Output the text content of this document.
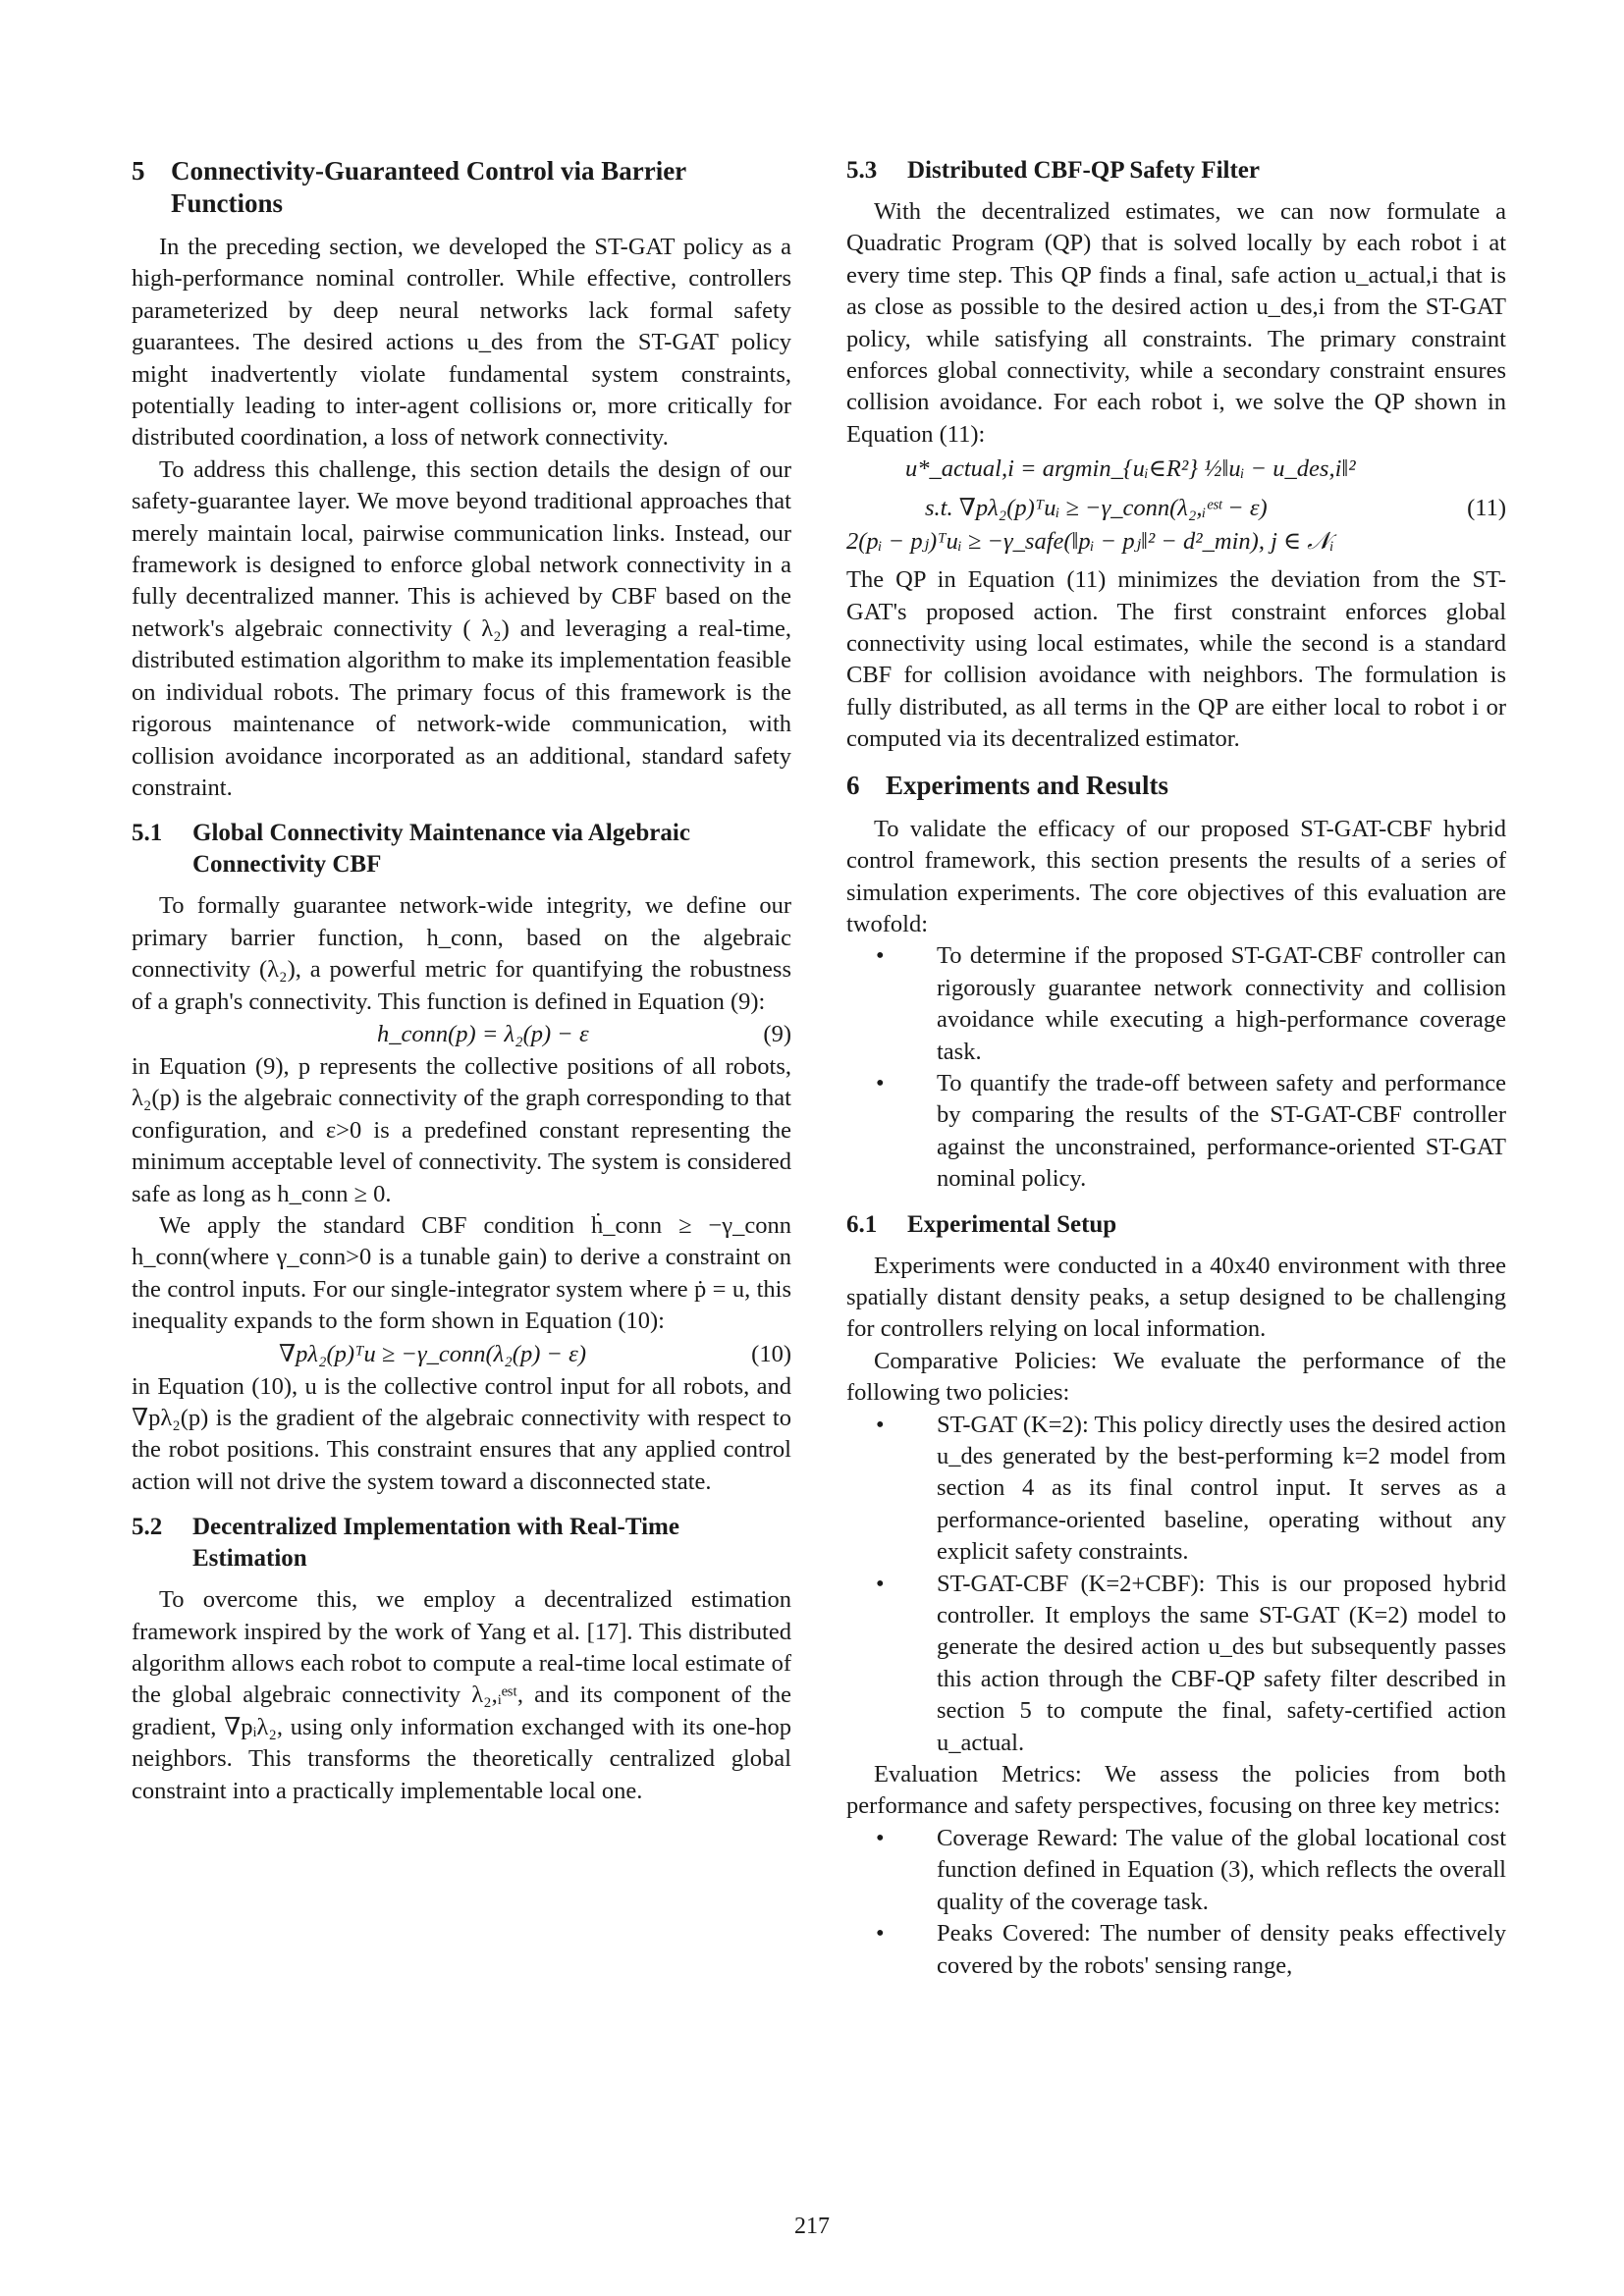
5 Connectivity-Guaranteed Control via Barrier Functions

In the preceding section, we developed the ST-GAT policy as a high-performance nominal controller. While effective, controllers parameterized by deep neural networks lack formal safety guarantees. The desired actions u_des from the ST-GAT policy might inadvertently violate fundamental system constraints, potentially leading to inter-agent collisions or, more critically for distributed coordination, a loss of network connectivity.

To address this challenge, this section details the design of our safety-guarantee layer. We move beyond traditional approaches that merely maintain local, pairwise communication links. Instead, our framework is designed to enforce global network connectivity in a fully decentralized manner. This is achieved by CBF based on the network's algebraic connectivity ( λ₂) and leveraging a real-time, distributed estimation algorithm to make its implementation feasible on individual robots. The primary focus of this framework is the rigorous maintenance of network-wide communication, with collision avoidance incorporated as an additional, standard safety constraint.

5.1	Global Connectivity Maintenance via Algebraic Connectivity CBF

To formally guarantee network-wide integrity, we define our primary barrier function, h_conn, based on the algebraic connectivity (λ₂), a powerful metric for quantifying the robustness of a graph's connectivity. This function is defined in Equation (9):

h_conn(p) = λ₂(p) − ε	(9)

in Equation (9), p represents the collective positions of all robots, λ₂(p) is the algebraic connectivity of the graph corresponding to that configuration, and ε>0 is a predefined constant representing the minimum acceptable level of connectivity. The system is considered safe as long as h_conn ≥ 0.

We apply the standard CBF condition ḣ_conn ≥ −γ_conn h_conn(where γ_conn>0 is a tunable gain) to derive a constraint on the control inputs. For our single-integrator system where ṗ = u, this inequality expands to the form shown in Equation (10):

∇pλ₂(p)ᵀu ≥ −γ_conn(λ₂(p) − ε)	(10)

in Equation (10), u is the collective control input for all robots, and ∇pλ₂(p) is the gradient of the algebraic connectivity with respect to the robot positions. This constraint ensures that any applied control action will not drive the system toward a disconnected state.

5.2	Decentralized Implementation with Real-Time Estimation

To overcome this, we employ a decentralized estimation framework inspired by the work of Yang et al. [17]. This distributed algorithm allows each robot to compute a real-time local estimate of the global algebraic connectivity λ₂,ᵢᵉˢᵗ, and its component of the gradient, ∇pᵢλ₂, using only information exchanged with its one-hop neighbors. This transforms the theoretically centralized global constraint into a practically implementable local one.

5.3	Distributed CBF-QP Safety Filter

With the decentralized estimates, we can now formulate a Quadratic Program (QP) that is solved locally by each robot i at every time step. This QP finds a final, safe action u_actual,i that is as close as possible to the desired action u_des,i from the ST-GAT policy, while satisfying all constraints. The primary constraint enforces global connectivity, while a secondary constraint ensures collision avoidance. For each robot i, we solve the QP shown in Equation (11):

u*_actual,i = argmin_{uᵢ∈R²} ½‖uᵢ − u_des,i‖²
s.t. ∇pλ₂(p)ᵀuᵢ ≥ −γ_conn(λ₂,ᵢᵉˢᵗ − ε)	(11)
2(pᵢ − pⱼ)ᵀuᵢ ≥ −γ_safe(‖pᵢ − pⱼ‖² − d²_min), j ∈ 𝒩ᵢ

The QP in Equation (11) minimizes the deviation from the ST-GAT's proposed action. The first constraint enforces global connectivity using local estimates, while the second is a standard CBF for collision avoidance with neighbors. The formulation is fully distributed, as all terms in the QP are either local to robot i or computed via its decentralized estimator.

6 Experiments and Results

To validate the efficacy of our proposed ST-GAT-CBF hybrid control framework, this section presents the results of a series of simulation experiments. The core objectives of this evaluation are twofold:

•	To determine if the proposed ST-GAT-CBF controller can rigorously guarantee network connectivity and collision avoidance while executing a high-performance coverage task.
•	To quantify the trade-off between safety and performance by comparing the results of the ST-GAT-CBF controller against the unconstrained, performance-oriented ST-GAT nominal policy.
6.1	Experimental Setup

Experiments were conducted in a 40x40 environment with three spatially distant density peaks, a setup designed to be challenging for controllers relying on local information.

Comparative Policies: We evaluate the performance of the following two policies:

•	ST-GAT (K=2): This policy directly uses the desired action u_des generated by the best-performing k=2 model from section 4 as its final control input. It serves as a performance-oriented baseline, operating without any explicit safety constraints.
•	ST-GAT-CBF (K=2+CBF): This is our proposed hybrid controller. It employs the same ST-GAT (K=2) model to generate the desired action u_des but subsequently passes this action through the CBF-QP safety filter described in section 5 to compute the final, safety-certified action u_actual.

Evaluation Metrics: We assess the policies from both performance and safety perspectives, focusing on three key metrics:

•	Coverage Reward: The value of the global locational cost function defined in Equation (3), which reflects the overall quality of the coverage task.
•	Peaks Covered: The number of density peaks effectively covered by the robots' sensing range,
217
